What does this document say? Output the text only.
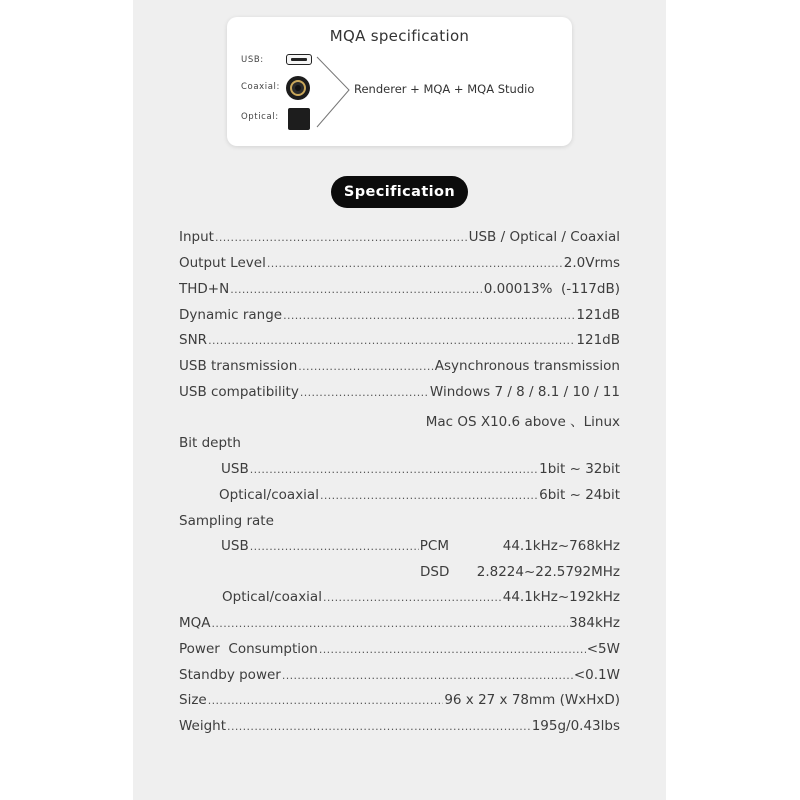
MQA specification
USB:
Coaxial:
Optical:
Renderer + MQA + MQA Studio
Specification
Input .....	USB / Optical / Coaxial
Output Level .....	2.0Vrms
THD+N .....	0.00013%  (-117dB)
Dynamic range .....	121dB
SNR .....	121dB
USB transmission .....	Asynchronous transmission
USB compatibility .....	Windows 7 / 8 / 8.1 / 10 / 11
Mac OS X10.6 above 、Linux
Bit depth
USB .....	1bit ~ 32bit
Optical/coaxial .....	6bit ~ 24bit
Sampling rate
USB .....	PCM	44.1kHz~768kHz
DSD 2.8224~22.5792MHz
Optical/coaxial .....	44.1kHz~192kHz
MQA .....	384kHz
Power  Consumption .....	<5W
Standby power .....	<0.1W
Size .....	96 x 27 x 78mm (WxHxD)
Weight .....	195g/0.43lbs
